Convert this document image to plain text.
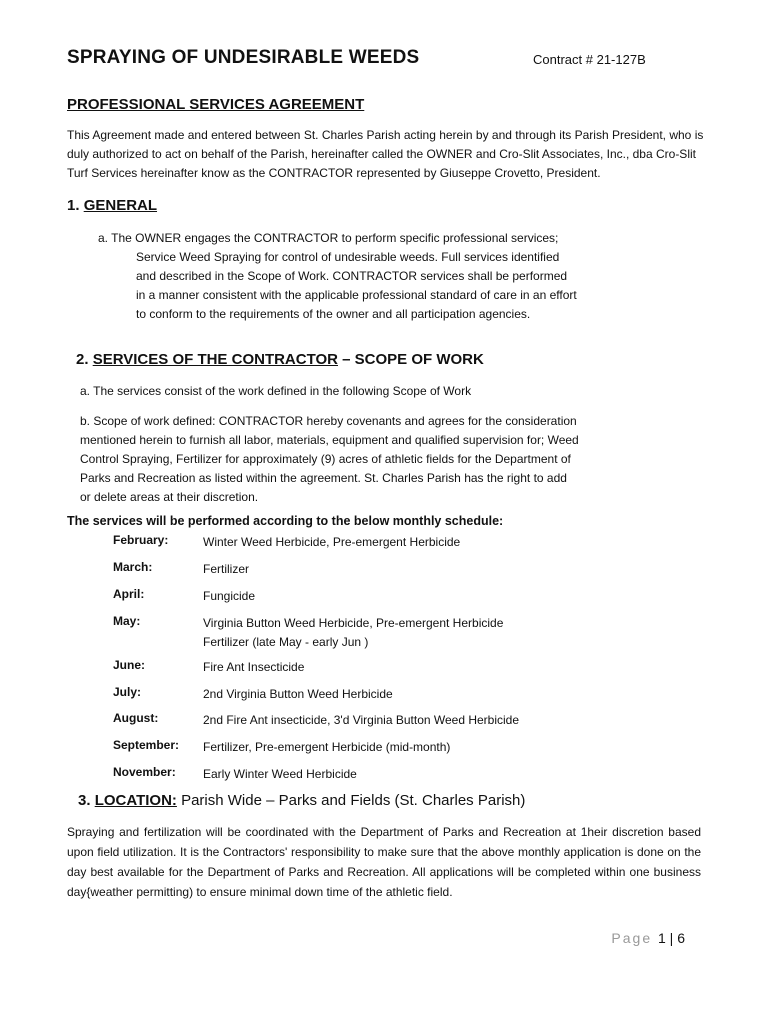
SPRAYING OF UNDESIRABLE WEEDS	Contract # 21-127B
PROFESSIONAL SERVICES AGREEMENT

This Agreement made and entered between St. Charles Parish acting herein by and through its Parish President, who is duly authorized to act on behalf of the Parish, hereinafter called the OWNER and Cro-Slit Associates, Inc., dba Cro-Slit Turf Services hereinafter know as the CONTRACTOR represented by Giuseppe Crovetto, President.

1. GENERAL
a. The OWNER engages the CONTRACTOR to perform specific professional services;
Service Weed Spraying for control of undesirable weeds. Full services identified and described in the Scope of Work. CONTRACTOR services shall be performed in a manner consistent with the applicable professional standard of care in an effort to conform to the requirements of the owner and all participation agencies.
2. SERVICES OF THE CONTRACTOR – SCOPE OF WORK
a. The services consist of the work defined in the following Scope of Work
b. Scope of work defined: CONTRACTOR hereby covenants and agrees for the consideration mentioned herein to furnish all labor, materials, equipment and qualified supervision for; Weed Control Spraying, Fertilizer for approximately (9) acres of athletic fields for the Department of Parks and Recreation as listed within the agreement. St. Charles Parish has the right to add or delete areas at their discretion.
The services will be performed according to the below monthly schedule:
February:	Winter Weed Herbicide, Pre-emergent Herbicide
March:	Fertilizer
April:	Fungicide
May:	Virginia Button Weed Herbicide, Pre-emergent Herbicide
Fertilizer (late May - early Jun )
June:	Fire Ant Insecticide
July:	2nd Virginia Button Weed Herbicide
August:	2nd Fire Ant insecticide, 3'd Virginia Button Weed Herbicide
September:	Fertilizer, Pre-emergent Herbicide (mid-month)
November:	Early Winter Weed Herbicide
3. LOCATION: Parish Wide – Parks and Fields (St. Charles Parish)

Spraying and fertilization will be coordinated with the Department of Parks and Recreation at 1heir discretion based upon field utilization. It is the Contractors' responsibility to make sure that the above monthly application is done on the day best available for the Department of Parks and Recreation. All applications will be completed within one business day{weather permitting) to ensure minimal down time of the athletic field.

Page 1 | 6
